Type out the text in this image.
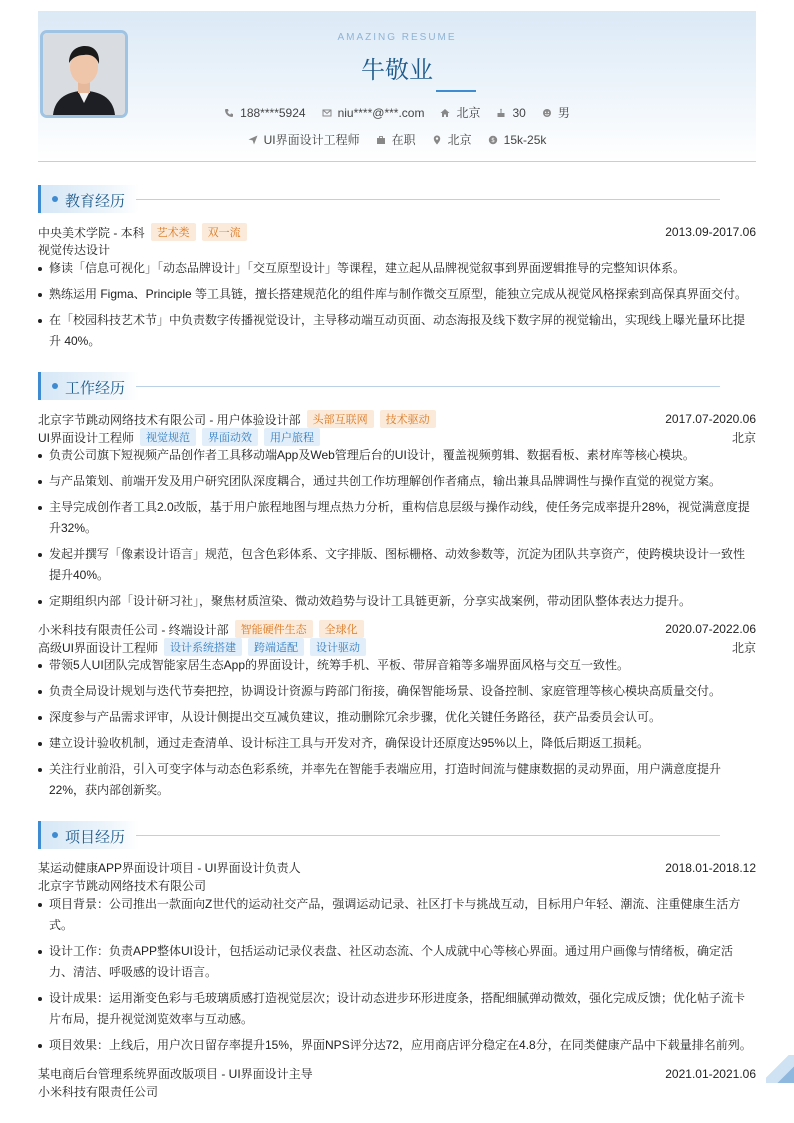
AMAZING RESUME
牛敬业
188****5924	niu****@***.com	北京	30	男
UI界面设计工程师	在职	北京	$ 15k-25k
教育经历
中央美术学院 - 本科	艺术类	双一流	2013.09-2017.06
视觉传达设计
修读「信息可视化」「动态品牌设计」「交互原型设计」等课程，建立起从品牌视觉叙事到界面逻辑推导的完整知识体系。
熟练运用 Figma、Principle 等工具链，擅长搭建规范化的组件库与制作微交互原型，能独立完成从视觉风格探索到高保真界面交付。
在「校园科技艺术节」中负责数字传播视觉设计，主导移动端互动页面、动态海报及线下数字屏的视觉输出，实现线上曝光量环比提升 40%。
工作经历
北京字节跳动网络技术有限公司 - 用户体验设计部	头部互联网	技术驱动	2017.07-2020.06
UI界面设计工程师	视觉规范	界面动效	用户旅程	北京
负责公司旗下短视频产品创作者工具移动端App及Web管理后台的UI设计，覆盖视频剪辑、数据看板、素材库等核心模块。
与产品策划、前端开发及用户研究团队深度耦合，通过共创工作坊理解创作者痛点，输出兼具品牌调性与操作直觉的视觉方案。
主导完成创作者工具2.0改版，基于用户旅程地图与埋点热力分析，重构信息层级与操作动线，使任务完成率提升28%，视觉满意度提升32%。
发起并撰写「像素设计语言」规范，包含色彩体系、文字排版、图标栅格、动效参数等，沉淀为团队共享资产，使跨模块设计一致性提升40%。
定期组织内部「设计研习社」，聚焦材质渲染、微动效趋势与设计工具链更新，分享实战案例，带动团队整体表达力提升。
小米科技有限责任公司 - 终端设计部	智能硬件生态	全球化	2020.07-2022.06
高级UI界面设计工程师	设计系统搭建	跨端适配	设计驱动	北京
带领5人UI团队完成智能家居生态App的界面设计，统筹手机、平板、带屏音箱等多端界面风格与交互一致性。
负责全局设计规划与迭代节奏把控，协调设计资源与跨部门衔接，确保智能场景、设备控制、家庭管理等核心模块高质量交付。
深度参与产品需求评审，从设计侧提出交互减负建议，推动删除冗余步骤，优化关键任务路径，获产品委员会认可。
建立设计验收机制，通过走查清单、设计标注工具与开发对齐，确保设计还原度达95%以上，降低后期返工损耗。
关注行业前沿，引入可变字体与动态色彩系统，并率先在智能手表端应用，打造时间流与健康数据的灵动界面，用户满意度提升22%，获内部创新奖。
项目经历
某运动健康APP界面设计项目 - UI界面设计负责人	2018.01-2018.12
北京字节跳动网络技术有限公司
项目背景：公司推出一款面向Z世代的运动社交产品，强调运动记录、社区打卡与挑战互动，目标用户年轻、潮流、注重健康生活方式。
设计工作：负责APP整体UI设计，包括运动记录仪表盘、社区动态流、个人成就中心等核心界面。通过用户画像与情绪板，确定活力、清洁、呼吸感的设计语言。
设计成果：运用渐变色彩与毛玻璃质感打造视觉层次；设计动态进步环形进度条，搭配细腻弹动微效，强化完成反馈；优化帖子流卡片布局，提升视觉浏览效率与互动感。
项目效果：上线后，用户次日留存率提升15%，界面NPS评分达72，应用商店评分稳定在4.8分，在同类健康产品中下载量排名前列。
某电商后台管理系统界面改版项目 - UI界面设计主导	2021.01-2021.06
小米科技有限责任公司
